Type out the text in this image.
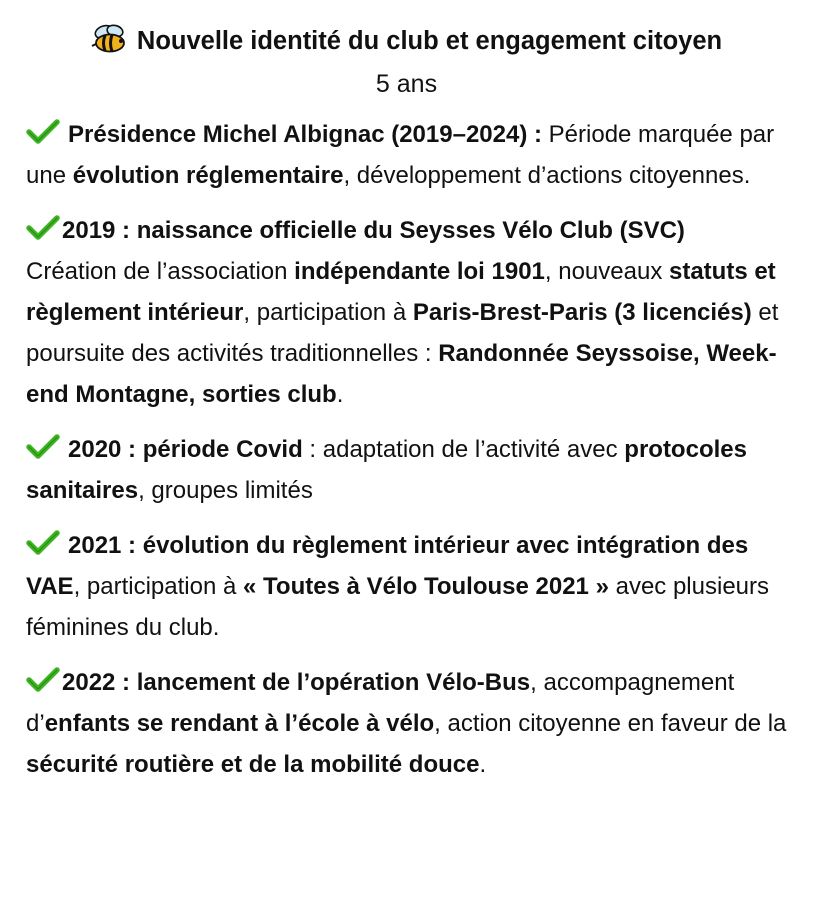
Nouvelle identité du club et engagement citoyen

5 ans

Présidence Michel Albignac (2019–2024) : Période marquée par une évolution réglementaire, développement d’actions citoyennes.

2019 : naissance officielle du Seysses Vélo Club (SVC)
Création de l’association indépendante loi 1901, nouveaux statuts et règlement intérieur, participation à Paris-Brest-Paris (3 licenciés) et poursuite des activités traditionnelles : Randonnée Seyssoise, Week-end Montagne, sorties club.

2020 : période Covid : adaptation de l’activité avec protocoles sanitaires, groupes limités

2021 : évolution du règlement intérieur avec intégration des VAE, participation à « Toutes à Vélo Toulouse 2021 » avec plusieurs féminines du club.

2022 : lancement de l’opération Vélo-Bus, accompagnement d’enfants se rendant à l’école à vélo, action citoyenne en faveur de la sécurité routière et de la mobilité douce.
